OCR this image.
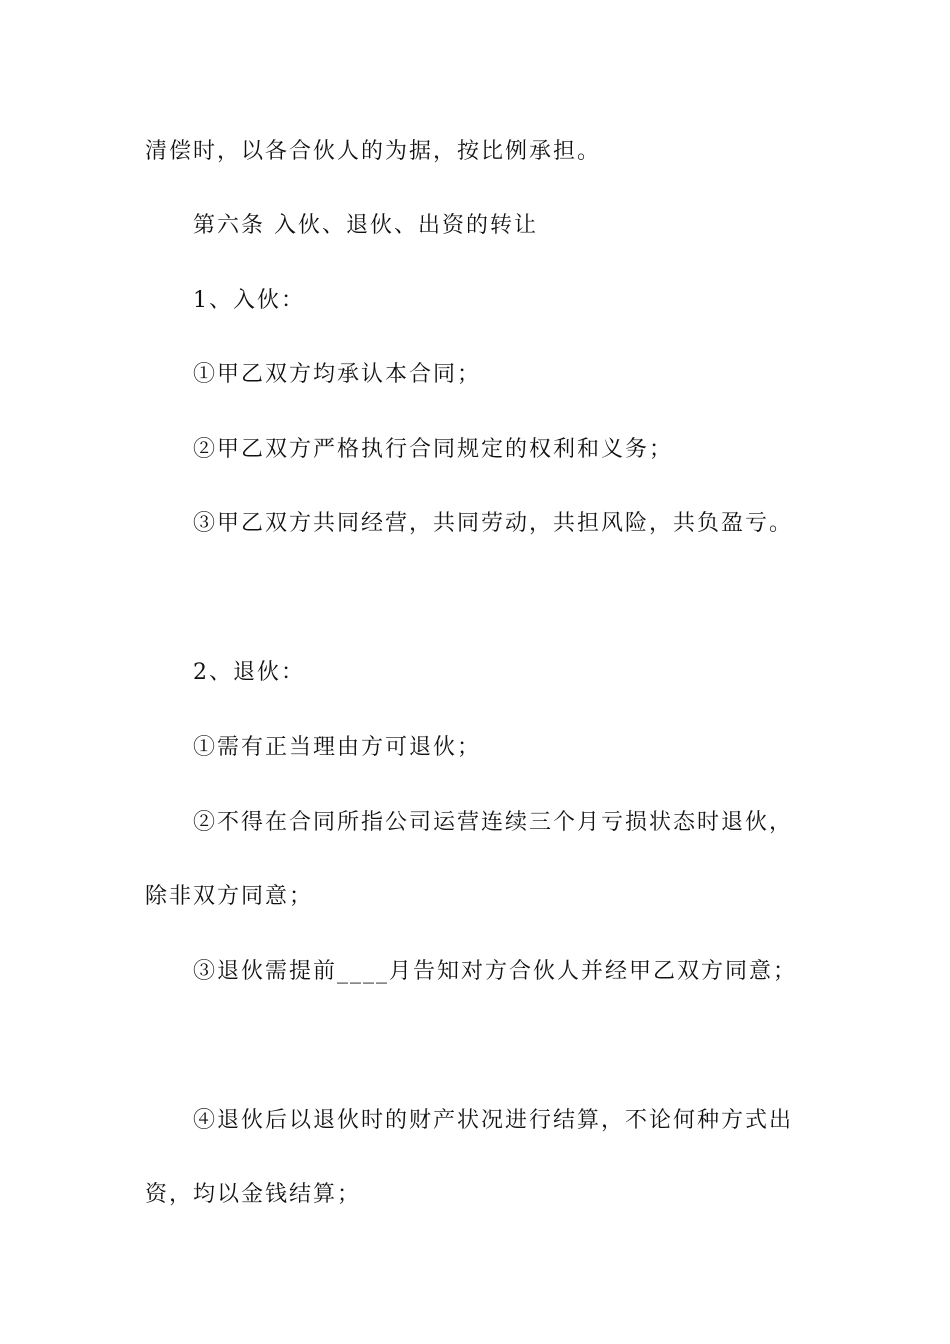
清偿时，以各合伙人的为据，按比例承担。
第六条 入伙、退伙、出资的转让
1、入伙：
①甲乙双方均承认本合同；
②甲乙双方严格执行合同规定的权利和义务；
③甲乙双方共同经营，共同劳动，共担风险，共负盈亏。
2、退伙：
①需有正当理由方可退伙；
②不得在合同所指公司运营连续三个月亏损状态时退伙，
除非双方同意；
③退伙需提前____月告知对方合伙人并经甲乙双方同意；
④退伙后以退伙时的财产状况进行结算，不论何种方式出
资，均以金钱结算；
